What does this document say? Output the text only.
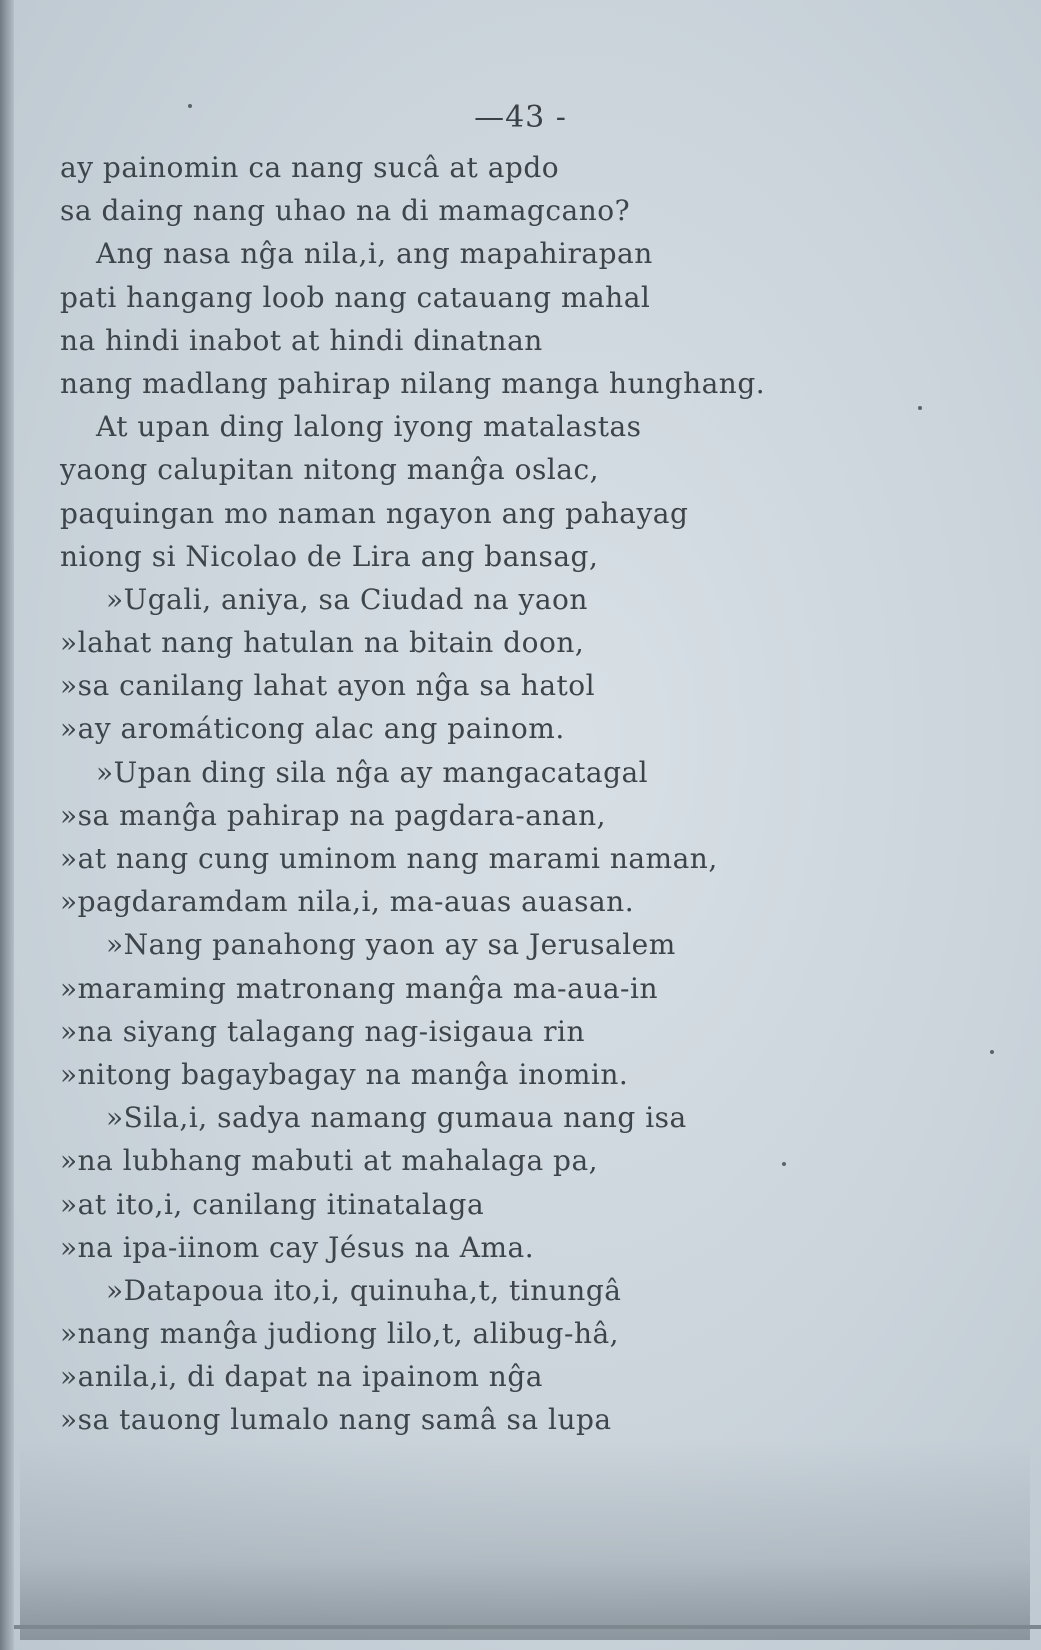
—43 -
ay painomin ca nang sucâ at apdo
sa daing nang uhao na di mamagcano?
Ang nasa nĝa nila,i, ang mapahirapan
pati hangang loob nang catauang mahal
na hindi inabot at hindi dinatnan
nang madlang pahirap nilang manga hunghang.
At upan ding lalong iyong matalastas
yaong calupitan nitong manĝa oslac,
paquingan mo naman ngayon ang pahayag
niong si Nicolao de Lira ang bansag,
»Ugali, aniya, sa Ciudad na yaon
»lahat nang hatulan na bitain doon,
»sa canilang lahat ayon nĝa sa hatol
»ay aromáticong alac ang painom.
»Upan ding sila nĝa ay mangacatagal
»sa manĝa pahirap na pagdara-anan,
»at nang cung uminom nang marami naman,
»pagdaramdam nila,i, ma-auas auasan.
»Nang panahong yaon ay sa Jerusalem
»maraming matronang manĝa ma-aua-in
»na siyang talagang nag-isigaua rin
»nitong bagaybagay na manĝa inomin.
»Sila,i, sadya namang gumaua nang isa
»na lubhang mabuti at mahalaga pa,
»at ito,i, canilang itinatalaga
»na ipa-iinom cay Jésus na Ama.
»Datapoua ito,i, quinuha,t, tinungâ
»nang manĝa judiong lilo,t, alibug-hâ,
»anila,i, di dapat na ipainom nĝa
»sa tauong lumalo nang samâ sa lupa
